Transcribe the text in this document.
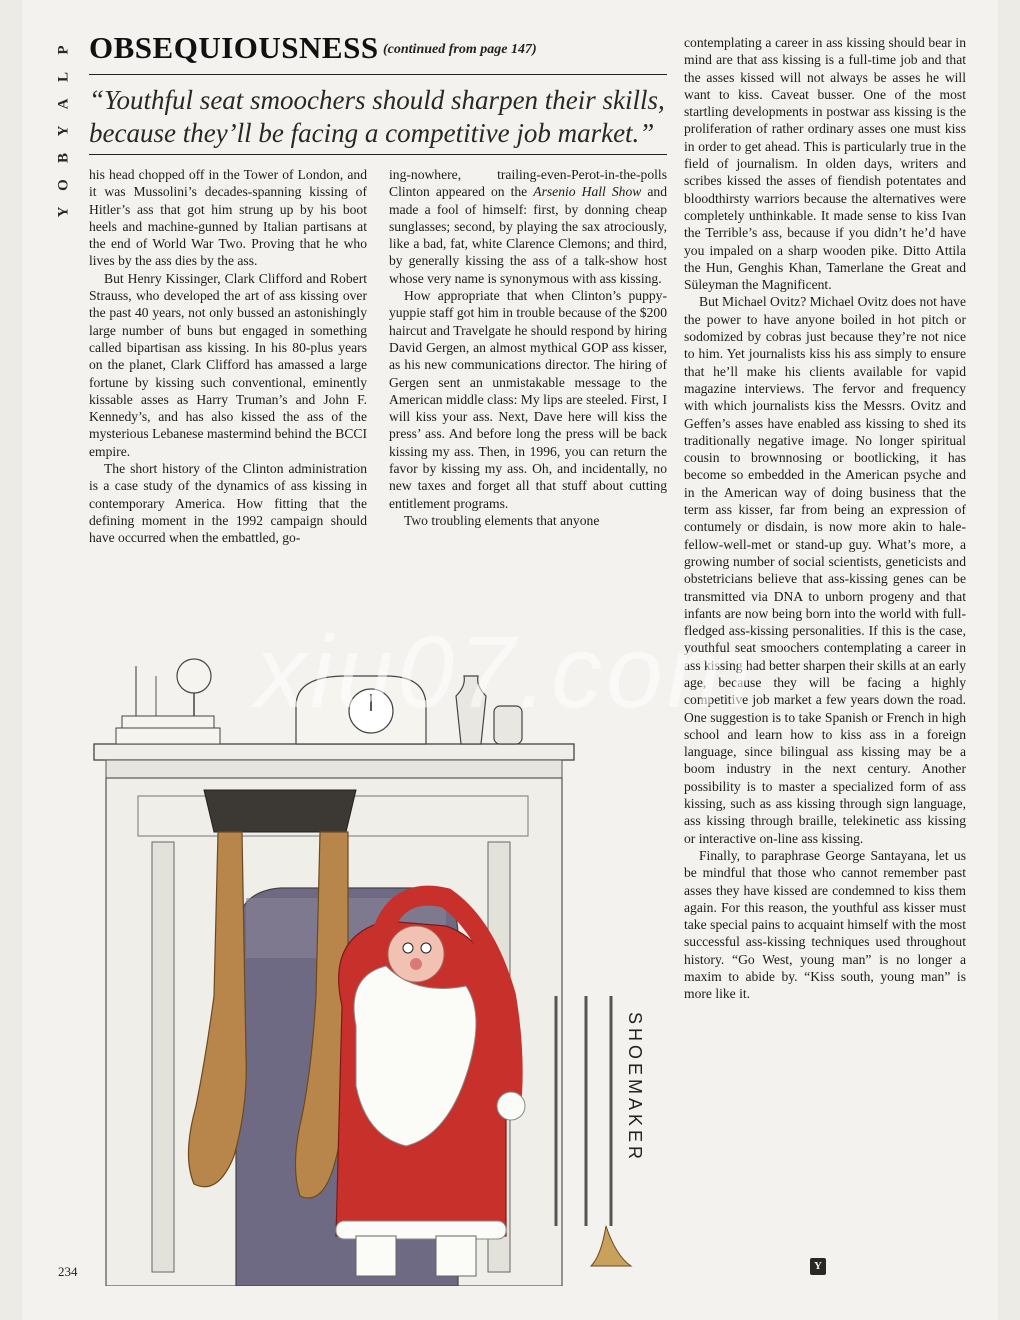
P
L
A
Y
B
O
Y
OBSEQUIOUSNESS (continued from page 147)

“Youthful seat smoochers should sharpen their skills, because they’ll be facing a competitive job market.”

his head chopped off in the Tower of London, and it was Mussolini’s decades-spanning kissing of Hitler’s ass that got him strung up by his boot heels and machine-gunned by Italian partisans at the end of World War Two. Proving that he who lives by the ass dies by the ass.

But Henry Kissinger, Clark Clifford and Robert Strauss, who developed the art of ass kissing over the past 40 years, not only bussed an astonishingly large number of buns but engaged in something called bipartisan ass kissing. In his 80-plus years on the planet, Clark Clifford has amassed a large fortune by kissing such conventional, eminently kissable asses as Harry Truman’s and John F. Kennedy’s, and has also kissed the ass of the mysterious Lebanese mastermind behind the BCCI empire.

The short history of the Clinton administration is a case study of the dynamics of ass kissing in contemporary America. How fitting that the defining moment in the 1992 campaign should have occurred when the embattled, go-

ing-nowhere, trailing-even-Perot-in-the-polls Clinton appeared on the Arsenio Hall Show and made a fool of himself: first, by donning cheap sunglasses; second, by playing the sax atrociously, like a bad, fat, white Clarence Clemons; and third, by generally kissing the ass of a talk-show host whose very name is synonymous with ass kissing.

How appropriate that when Clinton’s puppy-yuppie staff got him in trouble because of the $200 haircut and Travelgate he should respond by hiring David Gergen, an almost mythical GOP ass kisser, as his new communications director. The hiring of Gergen sent an unmistakable message to the American middle class: My lips are steeled. First, I will kiss your ass. Next, Dave here will kiss the press’ ass. And before long the press will be back kissing my ass. Then, in 1996, you can return the favor by kissing my ass. Oh, and incidentally, no new taxes and forget all that stuff about cutting entitlement programs.

Two troubling elements that anyone

contemplating a career in ass kissing should bear in mind are that ass kissing is a full-time job and that the asses kissed will not always be asses he will want to kiss. Caveat busser. One of the most startling developments in postwar ass kissing is the proliferation of rather ordinary asses one must kiss in order to get ahead. This is particularly true in the field of journalism. In olden days, writers and scribes kissed the asses of fiendish potentates and bloodthirsty warriors because the alternatives were completely unthinkable. It made sense to kiss Ivan the Terrible’s ass, because if you didn’t he’d have you impaled on a sharp wooden pike. Ditto Attila the Hun, Genghis Khan, Tamerlane the Great and Süleyman the Magnificent.

But Michael Ovitz? Michael Ovitz does not have the power to have anyone boiled in hot pitch or sodomized by cobras just because they’re not nice to him. Yet journalists kiss his ass simply to ensure that he’ll make his clients available for vapid magazine interviews. The fervor and frequency with which journalists kiss the Messrs. Ovitz and Geffen’s asses have enabled ass kissing to shed its traditionally negative image. No longer spiritual cousin to brownnosing or bootlicking, it has become so embedded in the American psyche and in the American way of doing business that the term ass kisser, far from being an expression of contumely or disdain, is now more akin to hale-fellow-well-met or stand-up guy. What’s more, a growing number of social scientists, geneticists and obstetricians believe that ass-kissing genes can be transmitted via DNA to unborn progeny and that infants are now being born into the world with full-fledged ass-kissing personalities. If this is the case, youthful seat smoochers contemplating a career in ass kissing had better sharpen their skills at an early age, because they will be facing a highly competitive job market a few years down the road. One suggestion is to take Spanish or French in high school and learn how to kiss ass in a foreign language, since bilingual ass kissing may be a boom industry in the next century. Another possibility is to master a specialized form of ass kissing, such as ass kissing through sign language, ass kissing through braille, telekinetic ass kissing or interactive on-line ass kissing.

Finally, to paraphrase George Santayana, let us be mindful that those who cannot remember past asses they have kissed are condemned to kiss them again. For this reason, the youthful ass kisser must take special pains to acquaint himself with the most successful ass-kissing techniques used throughout history. “Go West, young man” is no longer a maxim to abide by. “Kiss south, young man” is more like it.

SHOEMAKER
xiu07.com
234	Y
